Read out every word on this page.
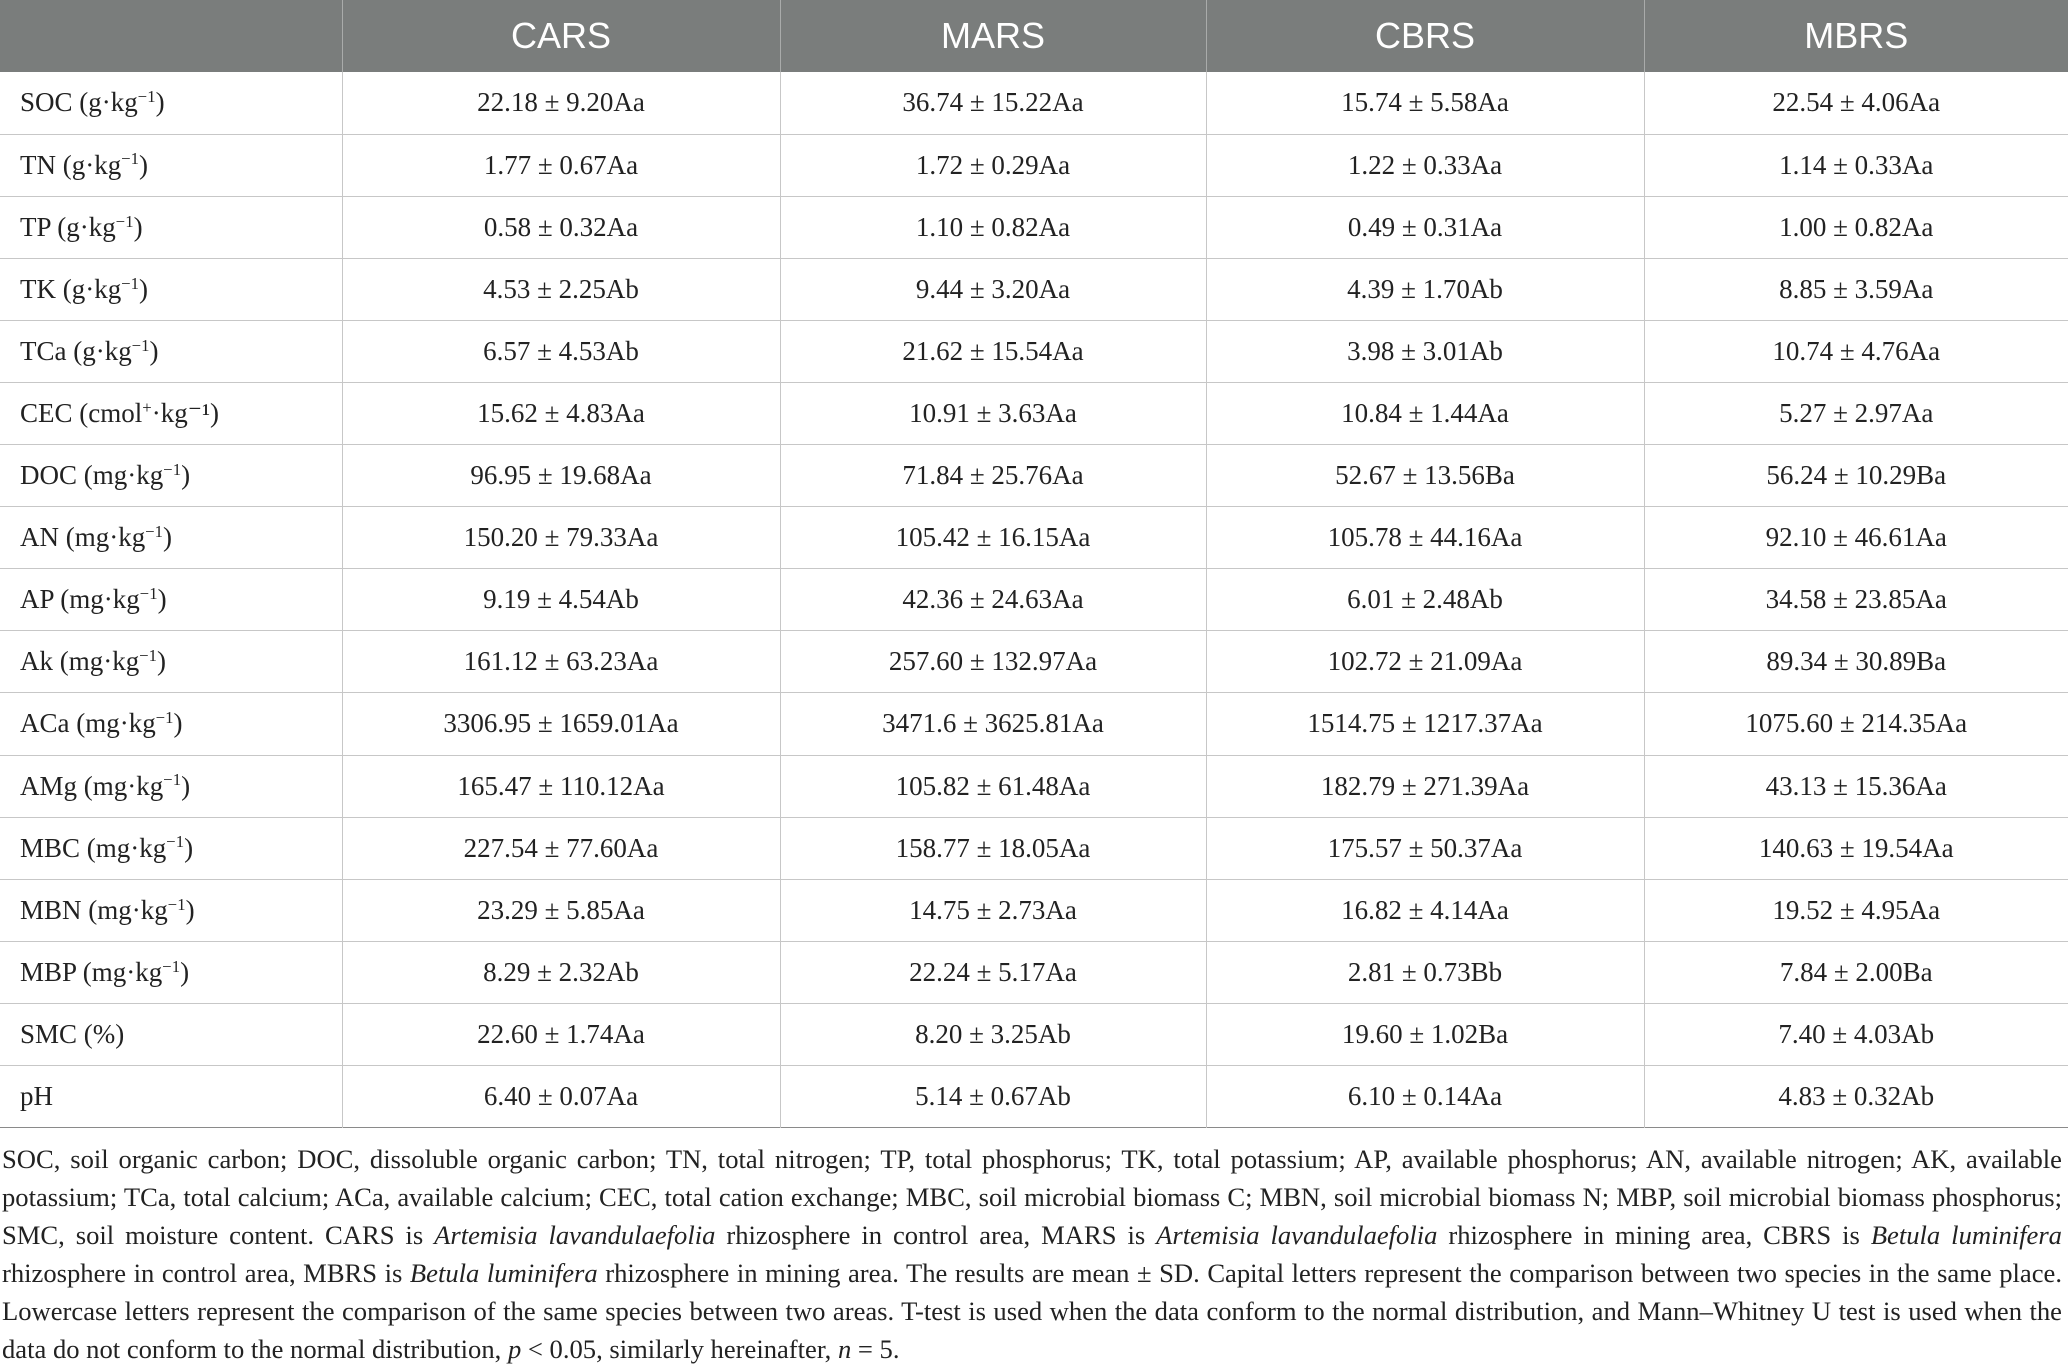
	CARS	MARS	CBRS	MBRS
SOC $(g\cdot kg^{-1})$	22.18 ± 9.20Aa	36.74 ± 15.22Aa	15.74 ± 5.58Aa	22.54 ± 4.06Aa
TN $(g\cdot kg^{-1})$	1.77 ± 0.67Aa	1.72 ± 0.29Aa	1.22 ± 0.33Aa	1.14 ± 0.33Aa
TP $(g\cdot kg^{-1})$	0.58 ± 0.32Aa	1.10 ± 0.82Aa	0.49 ± 0.31Aa	1.00 ± 0.82Aa
TK $(g\cdot kg^{-1})$	4.53 ± 2.25Ab	9.44 ± 3.20Aa	4.39 ± 1.70Ab	8.85 ± 3.59Aa
TCa $(g\cdot kg^{-1})$	6.57 ± 4.53Ab	21.62 ± 15.54Aa	3.98 ± 3.01Ab	10.74 ± 4.76Aa
CEC (cmol+·kg⁻¹)	15.62 ± 4.83Aa	10.91 ± 3.63Aa	10.84 ± 1.44Aa	5.27 ± 2.97Aa
DOC $(mg\cdot kg^{-1})$	96.95 ± 19.68Aa	71.84 ± 25.76Aa	52.67 ± 13.56Ba	56.24 ± 10.29Ba
AN $(mg\cdot kg^{-1})$	150.20 ± 79.33Aa	105.42 ± 16.15Aa	105.78 ± 44.16Aa	92.10 ± 46.61Aa
AP $(mg\cdot kg^{-1})$	9.19 ± 4.54Ab	42.36 ± 24.63Aa	6.01 ± 2.48Ab	34.58 ± 23.85Aa
Ak $(mg\cdot kg^{-1})$	161.12 ± 63.23Aa	257.60 ± 132.97Aa	102.72 ± 21.09Aa	89.34 ± 30.89Ba
ACa $(mg\cdot kg^{-1})$	3306.95 ± 1659.01Aa	3471.6 ± 3625.81Aa	1514.75 ± 1217.37Aa	1075.60 ± 214.35Aa
AMg $(mg\cdot kg^{-1})$	165.47 ± 110.12Aa	105.82 ± 61.48Aa	182.79 ± 271.39Aa	43.13 ± 15.36Aa
MBC $(mg\cdot kg^{-1})$	227.54 ± 77.60Aa	158.77 ± 18.05Aa	175.57 ± 50.37Aa	140.63 ± 19.54Aa
MBN $(mg\cdot kg^{-1})$	23.29 ± 5.85Aa	14.75 ± 2.73Aa	16.82 ± 4.14Aa	19.52 ± 4.95Aa
MBP $(mg\cdot kg^{-1})$	8.29 ± 2.32Ab	22.24 ± 5.17Aa	2.81 ± 0.73Bb	7.84 ± 2.00Ba
SMC (%)	22.60 ± 1.74Aa	8.20 ± 3.25Ab	19.60 ± 1.02Ba	7.40 ± 4.03Ab
pH	6.40 ± 0.07Aa	5.14 ± 0.67Ab	6.10 ± 0.14Aa	4.83 ± 0.32Ab
SOC, soil organic carbon; DOC, dissoluble organic carbon; TN, total nitrogen; TP, total phosphorus; TK, total potassium; AP, available phosphorus; AN, available nitrogen; AK, available potassium; TCa, total calcium; ACa, available calcium; CEC, total cation exchange; MBC, soil microbial biomass C; MBN, soil microbial biomass N; MBP, soil microbial biomass phosphorus; SMC, soil moisture content. CARS is Artemisia lavandulaefolia rhizosphere in control area, MARS is Artemisia lavandulaefolia rhizosphere in mining area, CBRS is Betula luminifera rhizosphere in control area, MBRS is Betula luminifera rhizosphere in mining area. The results are mean ± SD. Capital letters represent the comparison between two species in the same place. Lowercase letters represent the comparison of the same species between two areas. T-test is used when the data conform to the normal distribution, and Mann–Whitney U test is used when the data do not conform to the normal distribution, p < 0.05, similarly hereinafter, n = 5.
